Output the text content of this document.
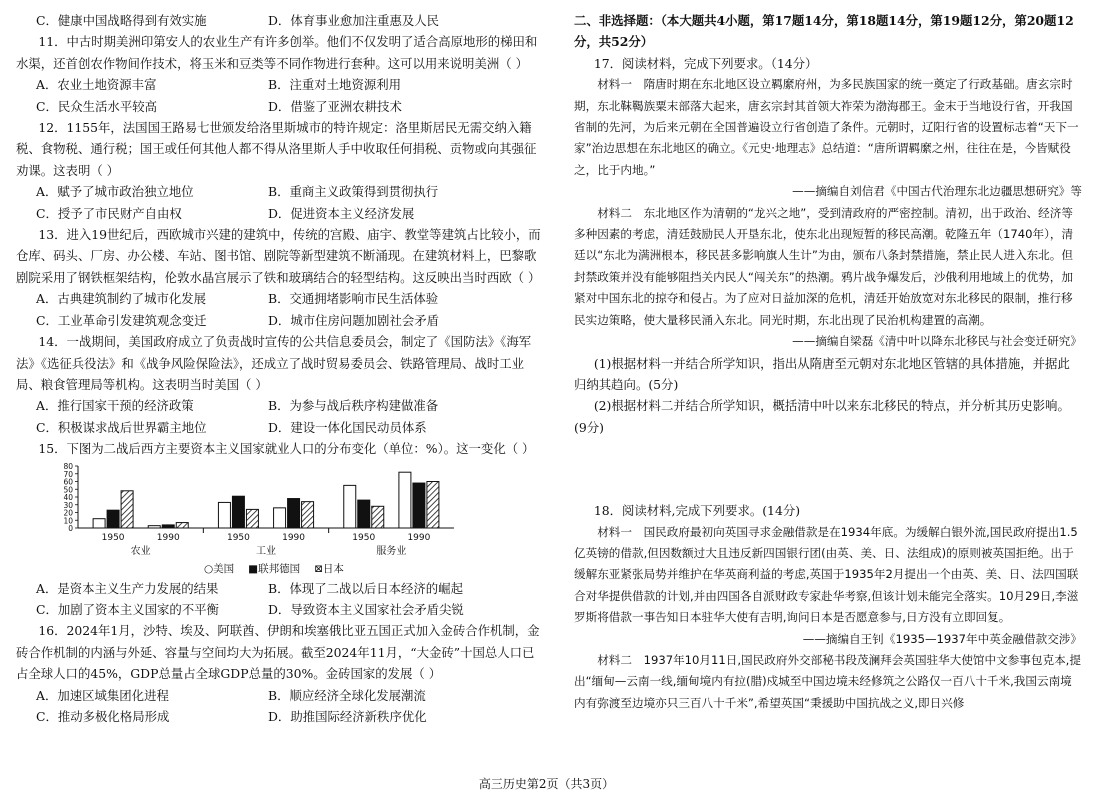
C．健康中国战略得到有效实施	D．体育事业愈加注重惠及人民

11．中古时期美洲印第安人的农业生产有许多创举。他们不仅发明了适合高原地形的梯田和水渠，还首创农作物间作技术，将玉米和豆类等不同作物进行套种。这可以用来说明美洲（ ）

A．农业土地资源丰富	B．注重对土地资源利用
C．民众生活水平较高	D．借鉴了亚洲农耕技术

12．1155年，法国国王路易七世颁发给洛里斯城市的特许规定：洛里斯居民无需交纳入籍税、食物税、通行税；国王或任何其他人都不得从洛里斯人手中收取任何捐税、贡物或向其强征劝课。这表明（ ）

A．赋予了城市政治独立地位	B．重商主义政策得到贯彻执行
C．授予了市民财产自由权	D．促进资本主义经济发展

13．进入19世纪后，西欧城市兴建的建筑中，传统的宫殿、庙宇、教堂等建筑占比较小，而仓库、码头、厂房、办公楼、车站、图书馆、剧院等新型建筑不断涌现。在建筑材料上，巴黎歌剧院采用了钢铁框架结构，伦敦水晶宫展示了铁和玻璃结合的轻型结构。这反映出当时西欧（ ）

A．古典建筑制约了城市化发展	B．交通拥堵影响市民生活体验
C．工业革命引发建筑观念变迁	D．城市住房问题加剧社会矛盾

14．一战期间，美国政府成立了负责战时宣传的公共信息委员会，制定了《国防法》《海军法》《选征兵役法》和《战争风险保险法》，还成立了战时贸易委员会、铁路管理局、战时工业局、粮食管理局等机构。这表明当时美国（ ）

A．推行国家干预的经济政策	B．为参与战后秩序构建做准备
C．积极谋求战后世界霸主地位	D．建设一体化国民动员体系

15．下图为二战后西方主要资本主义国家就业人口的分布变化（单位：%）。这一变化（ ）

0
10
20
30
40
50
60
70
80
1950	1990	1950	1990	1950	1990
农业	工业	服务业
○美国 ■联邦德国 ⊠日本
A．是资本主义生产力发展的结果	B．体现了二战以后日本经济的崛起
C．加剧了资本主义国家的不平衡	D．导致资本主义国家社会矛盾尖锐

16．2024年1月，沙特、埃及、阿联酋、伊朗和埃塞俄比亚五国正式加入金砖合作机制，金砖合作机制的内涵与外延、容量与空间均大为拓展。截至2024年11月，“大金砖”十国总人口已占全球人口的45%，GDP总量占全球GDP总量的30%。金砖国家的发展（ ）

A．加速区域集团化进程	B．顺应经济全球化发展潮流
C．推动多极化格局形成	D．助推国际经济新秩序优化

二、非选择题：（本大题共4小题，第17题14分，第18题14分，第19题12分，第20题12分，共52分）

17．阅读材料，完成下列要求。（14分）

材料一　隋唐时期在东北地区设立羁縻府州，为多民族国家的统一奠定了行政基础。唐玄宗时期，东北靺鞨族粟末部落大起来，唐玄宗封其首领大祚荣为渤海郡王。金末于当地设行省，开我国省制的先河，为后来元朝在全国普遍设立行省创造了条件。元朝时，辽阳行省的设置标志着“天下一家”治边思想在东北地区的确立。《元史·地理志》总结道：“唐所谓羁縻之州，往往在是，今皆赋役之，比于内地。”

——摘编自刘信君《中国古代治理东北边疆思想研究》等

材料二　东北地区作为清朝的“龙兴之地”，受到清政府的严密控制。清初，出于政治、经济等多种因素的考虑，清廷鼓励民人开垦东北，使东北出现短暂的移民高潮。乾隆五年（1740年），清廷以“东北为满洲根本，移民甚多影响旗人生计”为由，颁布八条封禁措施，禁止民人进入东北。但封禁政策并没有能够阻挡关内民人“闯关东”的热潮。鸦片战争爆发后，沙俄利用地域上的优势，加紧对中国东北的掠夺和侵占。为了应对日益加深的危机，清廷开始放宽对东北移民的限制，推行移民实边策略，使大量移民涌入东北。同光时期，东北出现了民治机构建置的高潮。

——摘编自梁磊《清中叶以降东北移民与社会变迁研究》

(1)根据材料一并结合所学知识，指出从隋唐至元朝对东北地区管辖的具体措施，并据此归纳其趋向。(5分)

(2)根据材料二并结合所学知识，概括清中叶以来东北移民的特点，并分析其历史影响。(9分)

18．阅读材料,完成下列要求。(14分)

材料一　国民政府最初向英国寻求金融借款是在1934年底。为缓解白银外流,国民政府提出1.5亿英镑的借款,但因数额过大且违反新四国银行团(由英、美、日、法组成)的原则被英国拒绝。出于缓解东亚紧张局势并维护在华英商利益的考虑,英国于1935年2月提出一个由英、美、日、法四国联合对华提供借款的计划,并由四国各自派财政专家赴华考察,但该计划未能完全落实。10月29日,李滋罗斯将借款一事告知日本驻华大使有吉明,询问日本是否愿意参与,日方没有立即回复。

——摘编自王钊《1935—1937年中英金融借款交涉》

材料二　1937年10月11日,国民政府外交部秘书段茂澜拜会英国驻华大使馆中文参事包克本,提出“缅甸—云南一线,缅甸境内有拉(腊)戍城至中国边境未经修筑之公路仅一百八十千米,我国云南境内有弥渡至边境亦只三百八十千米”,希望英国“秉援助中国抗战之义,即日兴修

高三历史第2页（共3页）
